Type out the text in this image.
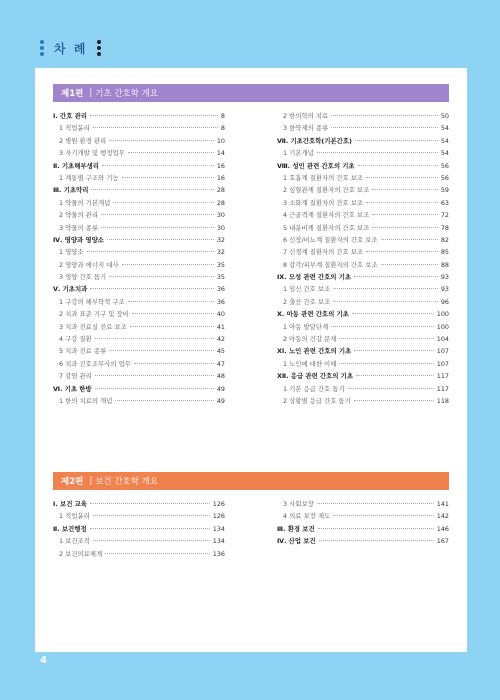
차 례
제1편 | 기초 간호학 개요
Ⅰ. 간호 관리	8
1 직업윤리	8
2 병원 환경 관리	10
3 자기개발 및 행정업무	14
Ⅱ. 기초해부생리	16
1 계통별 구조와 기능	16
Ⅲ. 기초약리	28
1 약물의 기본개념	28
2 약물의 관리	30
3 약물의 종류	30
Ⅳ. 영양과 영양소	32
1 영양소	32
2 영양과 에너지 대사	35
3 영양 간호 돕기	35
Ⅴ. 기초치과	36
1 구강의 해부학적 구조	36
2 치과 표준 기구 및 장비	40
3 치과 진료실 진료 보조	41
4 구강 질환	42
5 치과 진료 종류	45
6 치과 간호조무사의 업무	47
7 감염 관리	48
Ⅵ. 기초 한방	49
1 한의 치료의 개념	49
2 한의학의 치료	50
3 한약제의 종류	54
Ⅶ. 기초간호학(기본간호)	54
1 기본개념	54
Ⅷ. 성인 관련 간호의 기초	56
1 호흡계 질환자의 간호 보조	56
2 심혈관계 질환자의 간호 보조	59
3 소화계 질환자의 간호 보조	63
4 근골격계 질환자의 간호 보조	72
5 내분비계 질환자의 간호 보조	78
6 신장/비뇨계 질환자의 간호 보조	82
7 신경계 질환자의 간호 보조	85
8 감각/피부계 질환자의 간호 보조	88
Ⅸ. 모성 관련 간호의 기초	93
1 임신 간호 보조	93
2 출산 간호 보조	96
Ⅹ. 아동 관련 간호의 기초	100
1 아동 발달단계	100
2 아동의 건강 문제	104
ⅩⅠ. 노인 관련 간호의 기초	107
1 노인에 대한 이해	107
ⅩⅡ. 응급 관련 간호의 기초	117
1 기본 응급 간호 돕기	117
2 상황별 응급 간호 돕기	118
제2편 | 보건 간호학 개요
Ⅰ. 보건 교육	126
1 직업윤리	126
Ⅱ. 보건행정	134
1 보건조직	134
2 보건의료체계	136
3 사회보장	141
4 의료 보장 제도	142
Ⅲ. 환경 보건	146
Ⅳ. 산업 보건	167
4
